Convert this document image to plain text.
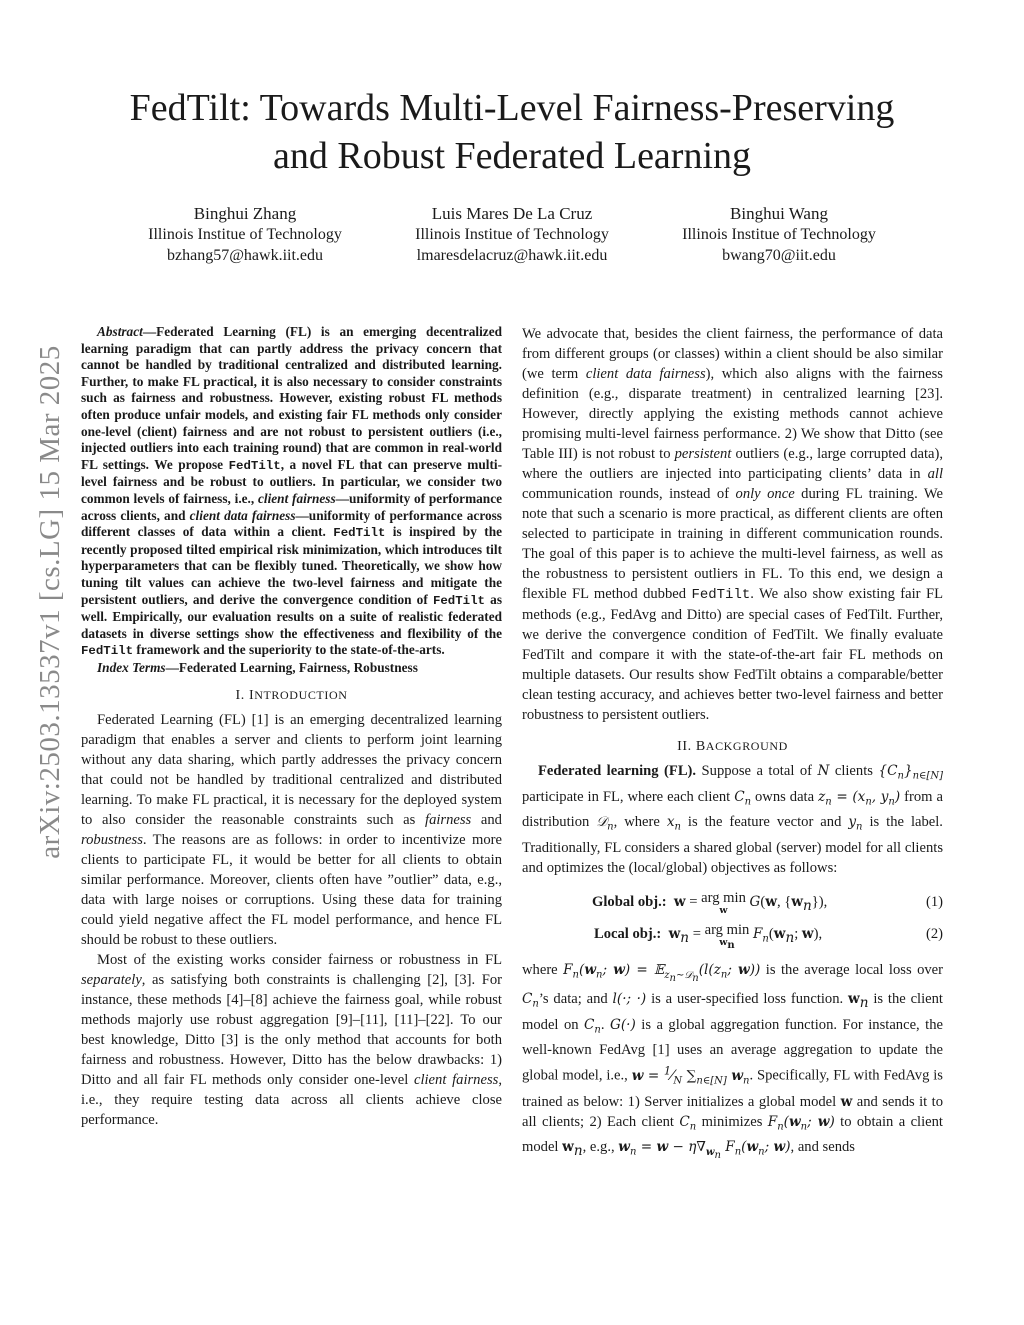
FedTilt: Towards Multi-Level Fairness-Preserving
and Robust Federated Learning
Binghui Zhang
Illinois Institue of Technology
bzhang57@hawk.iit.edu
Luis Mares De La Cruz
Illinois Institue of Technology
lmaresdelacruz@hawk.iit.edu
Binghui Wang
Illinois Institue of Technology
bwang70@iit.edu
arXiv:2503.13537v1 [cs.LG] 15 Mar 2025

Abstract—Federated Learning (FL) is an emerging decentralized learning paradigm that can partly address the privacy concern that cannot be handled by traditional centralized and distributed learning. Further, to make FL practical, it is also necessary to consider constraints such as fairness and robustness. However, existing robust FL methods often produce unfair models, and existing fair FL methods only consider one-level (client) fairness and are not robust to persistent outliers (i.e., injected outliers into each training round) that are common in real-world FL settings. We propose FedTilt, a novel FL that can preserve multi-level fairness and be robust to outliers. In particular, we consider two common levels of fairness, i.e., client fairness—uniformity of performance across clients, and client data fairness—uniformity of performance across different classes of data within a client. FedTilt is inspired by the recently proposed tilted empirical risk minimization, which introduces tilt hyperparameters that can be flexibly tuned. Theoretically, we show how tuning tilt values can achieve the two-level fairness and mitigate the persistent outliers, and derive the convergence condition of FedTilt as well. Empirically, our evaluation results on a suite of realistic federated datasets in diverse settings show the effectiveness and flexibility of the FedTilt framework and the superiority to the state-of-the-arts.

Index Terms—Federated Learning, Fairness, Robustness

I. INTRODUCTION

Federated Learning (FL) [1] is an emerging decentralized learning paradigm that enables a server and clients to perform joint learning without any data sharing, which partly addresses the privacy concern that could not be handled by traditional centralized and distributed learning. To make FL practical, it is necessary for the deployed system to also consider the reasonable constraints such as fairness and robustness. The reasons are as follows: in order to incentivize more clients to participate FL, it would be better for all clients to obtain similar performance. Moreover, clients often have ”outlier” data, e.g., data with large noises or corruptions. Using these data for training could yield negative affect the FL model performance, and hence FL should be robust to these outliers.

Most of the existing works consider fairness or robustness in FL separately, as satisfying both constraints is challenging [2], [3]. For instance, these methods [4]–[8] achieve the fairness goal, while robust methods majorly use robust aggregation [9]–[11], [11]–[22]. To our best knowledge, Ditto [3] is the only method that accounts for both fairness and robustness. However, Ditto has the below drawbacks: 1) Ditto and all fair FL methods only consider one-level client fairness, i.e., they require testing data across all clients achieve close performance.

We advocate that, besides the client fairness, the performance of data from different groups (or classes) within a client should be also similar (we term client data fairness), which also aligns with the fairness definition (e.g., disparate treatment) in centralized learning [23]. However, directly applying the existing methods cannot achieve promising multi-level fairness performance. 2) We show that Ditto (see Table III) is not robust to persistent outliers (e.g., large corrupted data), where the outliers are injected into participating clients’ data in all communication rounds, instead of only once during FL training. We note that such a scenario is more practical, as different clients are often selected to participate in training in different communication rounds. The goal of this paper is to achieve the multi-level fairness, as well as the robustness to persistent outliers in FL. To this end, we design a flexible FL method dubbed FedTilt. We also show existing fair FL methods (e.g., FedAvg and Ditto) are special cases of FedTilt. Further, we derive the convergence condition of FedTilt. We finally evaluate FedTilt and compare it with the state-of-the-art fair FL methods on multiple datasets. Our results show FedTilt obtains a comparable/better clean testing accuracy, and achieves better two-level fairness and better robustness to persistent outliers.

II. BACKGROUND

Federated learning (FL). Suppose a total of N clients $\{C_n\}_{n\in[N]}$ participate in FL, where each client $C_n$ owns data $z_n = (x_n$, $y_n$) from a distribution 𝒟$_n$, where $x_n$ is the feature vector and $y_n$ is the label. Traditionally, FL considers a shared global (server) model for all clients and optimizes the (local/global) objectives as follows:

Global obj.: w = arg min
w
G(w, $\{w_n\}$),	(1)
Local obj.: $w_n$ = arg min
$w_n$
$F_n(w_n$; w),	(2)

where $F_n(w_n$; $w) = 𝔼_{z_n\sim 𝒟_n}(l(z_n$; w)) is the average local loss over $C_n’s$ data; and l(·; ·) is a user-specified loss function. $w_n$ is the client model on $C_n$. G(·) is a global aggregation function. For instance, the well-known FedAvg [1] uses an average aggregation to update the global model, i.e., $w = ^1⁄_N$ $\sum_{n\in[N]}$ $w_n$. Specifically, FL with FedAvg is trained as below: 1) Server initializes a global model w and sends it to all clients; 2) Each client $C_n$ minimizes $F_n(w_n$; w) to obtain a client model $w_n$, e.g., $w_n = w - \eta\nabla_{w_n}$ $F_n(w_n$; w), and sends
